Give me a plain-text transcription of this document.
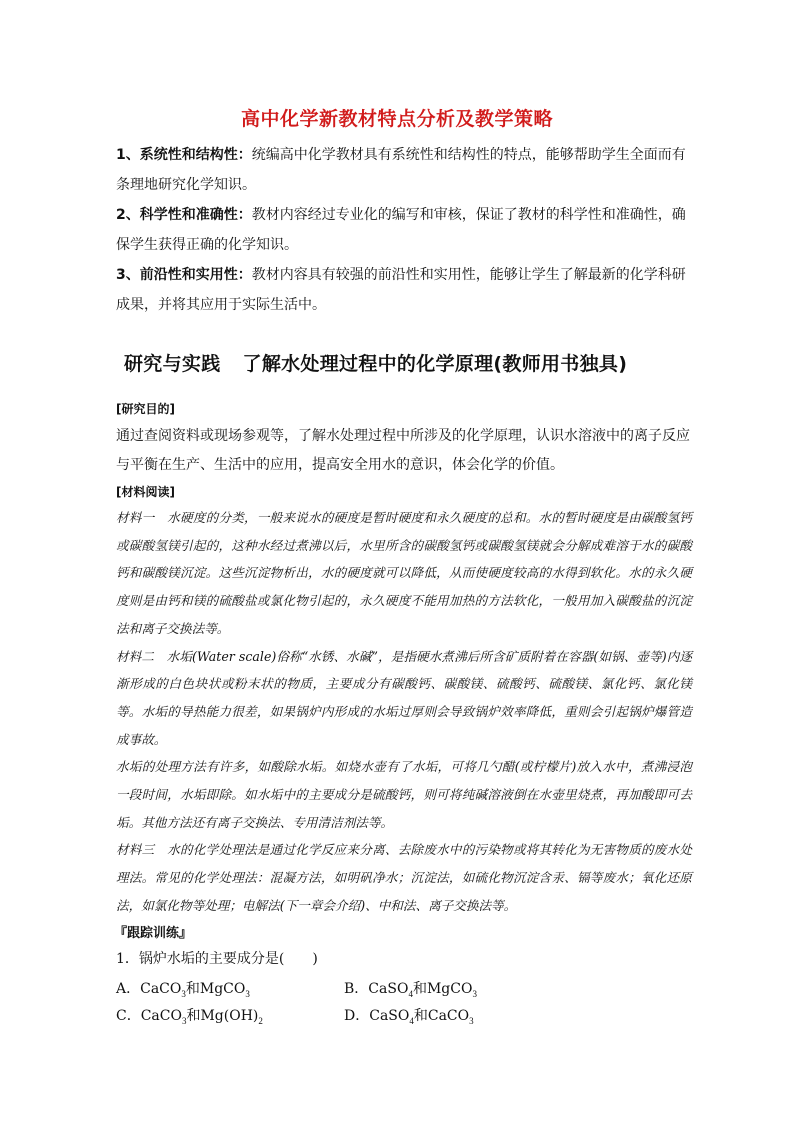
高中化学新教材特点分析及教学策略

1、系统性和结构性：统编高中化学教材具有系统性和结构性的特点，能够帮助学生全面而有条理地研究化学知识。

2、科学性和准确性：教材内容经过专业化的编写和审核，保证了教材的科学性和准确性，确保学生获得正确的化学知识。

3、前沿性和实用性：教材内容具有较强的前沿性和实用性，能够让学生了解最新的化学科研成果，并将其应用于实际生活中。

研究与实践 了解水处理过程中的化学原理(教师用书独具)
[研究目的]

通过查阅资料或现场参观等，了解水处理过程中所涉及的化学原理，认识水溶液中的离子反应与平衡在生产、生活中的应用，提高安全用水的意识，体会化学的价值。

[材料阅读]

材料一　水硬度的分类，一般来说水的硬度是暂时硬度和永久硬度的总和。水的暂时硬度是由碳酸氢钙或碳酸氢镁引起的，这种水经过煮沸以后，水里所含的碳酸氢钙或碳酸氢镁就会分解成难溶于水的碳酸钙和碳酸镁沉淀。这些沉淀物析出，水的硬度就可以降低，从而使硬度较高的水得到软化。水的永久硬度则是由钙和镁的硫酸盐或氯化物引起的，永久硬度不能用加热的方法软化，一般用加入碳酸盐的沉淀法和离子交换法等。

材料二　水垢(Water scale)俗称“水锈、水碱”，是指硬水煮沸后所含矿质附着在容器(如锅、壶等)内逐渐形成的白色块状或粉末状的物质，主要成分有碳酸钙、碳酸镁、硫酸钙、硫酸镁、氯化钙、氯化镁等。水垢的导热能力很差，如果锅炉内形成的水垢过厚则会导致锅炉效率降低，重则会引起锅炉爆管造成事故。

水垢的处理方法有许多，如酸除水垢。如烧水壶有了水垢，可将几勺醋(或柠檬片)放入水中，煮沸浸泡一段时间，水垢即除。如水垢中的主要成分是硫酸钙，则可将纯碱溶液倒在水壶里烧煮，再加酸即可去垢。其他方法还有离子交换法、专用清洁剂法等。

材料三　水的化学处理法是通过化学反应来分离、去除废水中的污染物或将其转化为无害物质的废水处理法。常见的化学处理法：混凝方法，如明矾净水；沉淀法，如硫化物沉淀含汞、镉等废水；氧化还原法，如氯化物等处理；电解法(下一章会介绍)、中和法、离子交换法等。

『跟踪训练』
1．锅炉水垢的主要成分是(　　)
A．CaCO$_3$和MgCO$_3$	B．CaSO$_4$和MgCO$_3$
C．CaCO$_3$和$Mg(OH)_2$	D．CaSO$_4$和CaCO$_3$
